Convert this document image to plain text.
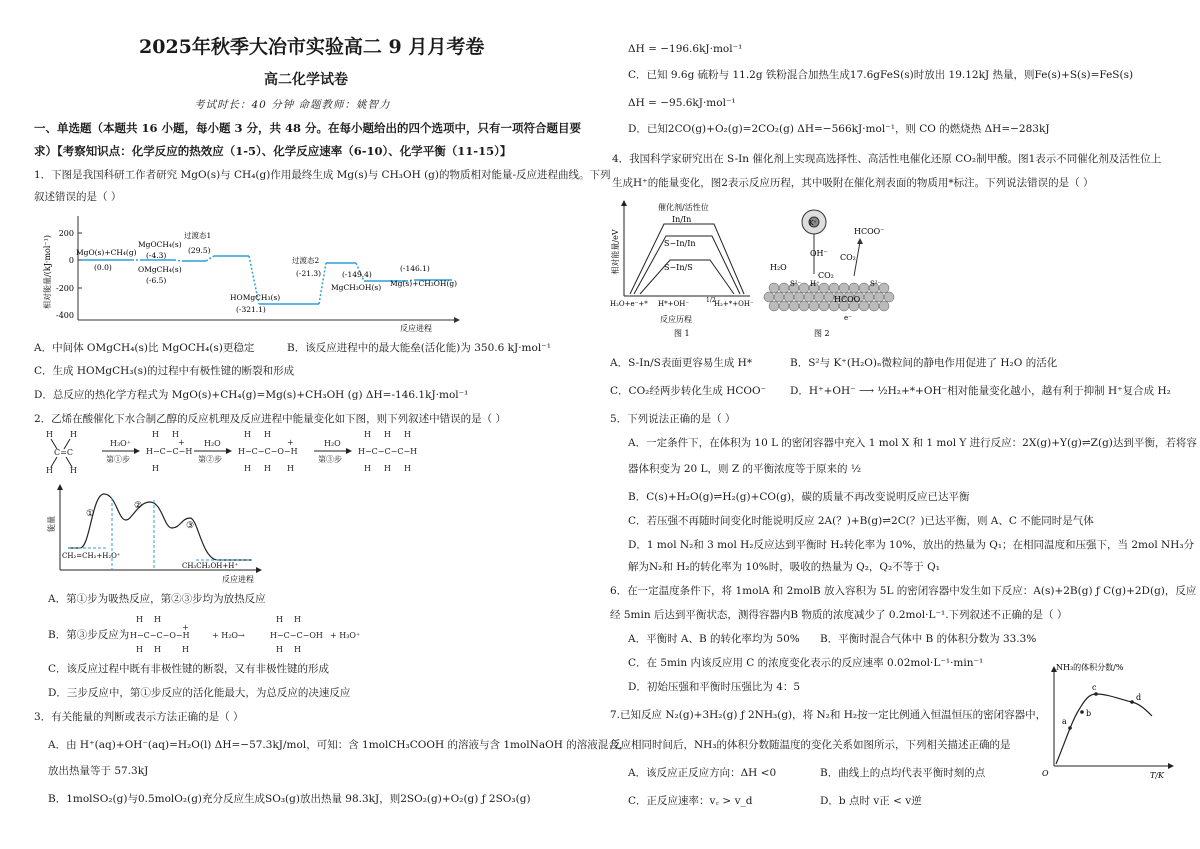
2025年秋季大冶市实验高二 9 月月考卷
高二化学试卷
考试时长：40 分钟 命题教师：姚智力
一、单选题（本题共 16 小题，每小题 3 分，共 48 分。在每小题给出的四个选项中，只有一项符合题目要
求）【考察知识点：化学反应的热效应（1-5）、化学反应速率（6-10）、化学平衡（11-15）】
1．下图是我国科研工作者研究 MgO(s)与 CH₄(g)作用最终生成 Mg(s)与 CH₃OH (g)的物质相对能量-反应进程曲线。下列
叙述错误的是（ ）
相对能量/(kJ·mol⁻¹)
200
0
-200
-400
MgO(s)+CH₄(g)
(0.0)
MgOCH₄(s)
(-4.3)
OMgCH₄(s)
(-6.5)
过渡态1
(29.5)
HOMgCH₃(s)
(-321.1)
过渡态2
(-21.3)	(-149.4)
MgCH₃OH(s)
(-146.1)
Mg(s)+CH₃OH(g)
反应进程
A．中间体 OMgCH₄(s)比 MgOCH₄(s)更稳定	B．该反应进程中的最大能垒(活化能)为 350.6 kJ·mol⁻¹
C．生成 HOMgCH₃(s)的过程中有极性键的断裂和形成
D．总反应的热化学方程式为 MgO(s)+CH₄(g)=Mg(s)+CH₃OH (g) ΔH=-146.1kJ·mol⁻¹
2．乙烯在酸催化下水合制乙醇的反应机理及反应进程中能量变化如下图，则下列叙述中错误的是（ ）
H H
C=C
H H
H₃O⁺
第①步
H−C−C−H
H H
H
+ H₂O
第②步
H−C−C−O−H
H H
H H
+
H
H₂O
第③步
H−C−C−C−H
H H H
H H H
能量
①
②
③
CH₂=CH₂+H₂O⁺
CH₃CH₂OH+H⁺
反应进程
A．第①步为吸热反应，第②③步均为放热反应
B．第③步反应为 H−C−C−O−H
H H
H H
+
H
+ H₂O→	H−C−C−OH
H H
H H
+ H₃O⁺
C．该反应过程中既有非极性键的断裂，又有非极性键的形成
D．三步反应中，第①步反应的活化能最大，为总反应的决速反应
3．有关能量的判断或表示方法正确的是（ ）
A．由 H⁺(aq)+OH⁻(aq)=H₂O(l) ΔH=−57.3kJ/mol，可知：含 1molCH₃COOH 的溶液与含 1molNaOH 的溶液混合，
放出热量等于 57.3kJ
B．1molSO₂(g)与0.5molO₂(g)充分反应生成SO₃(g)放出热量 98.3kJ，则2SO₂(g)+O₂(g) ƒ 2SO₃(g)
ΔH = −196.6kJ·mol⁻¹
C．已知 9.6g 硫粉与 11.2g 铁粉混合加热生成17.6gFeS(s)时放出 19.12kJ 热量，则Fe(s)+S(s)=FeS(s)
ΔH = −95.6kJ·mol⁻¹
D．已知2CO(g)+O₂(g)=2CO₂(g) ΔH=−566kJ·mol⁻¹，则 CO 的燃烧热 ΔH=−283kJ
4．我国科学家研究出在 S-In 催化剂上实现高选择性、高活性电催化还原 CO₂制甲酸。图1表示不同催化剂及活性位上
生成H⁺的能量变化，图2表示反应历程，其中吸附在催化剂表面的物质用*标注。下列说法错误的是（ ）
相对能量/eV
催化剂/活性位
In/In
S−In/In
S−In/S
H₂O+e⁻+* H*+OH⁻	1/2
H₂+*+OH⁻
反应历程
图 1
K⁺
H₂O
OH⁻ CO₂
CO₂
HCOO⁻
HCOO
S²⁻	S²⁻
H⁺
e⁻
图 2
A．S-In/S表面更容易生成 H*	B．S²与 K⁺(H₂O)ₙ微粒间的静电作用促进了 H₂O 的活化
C．CO₂经两步转化生成 HCOO⁻ D．H⁺+OH⁻ ⟶ ½H₂+*+OH⁻相对能量变化越小，越有利于抑制 H⁺复合成 H₂
5．下列说法正确的是（ ）
A．一定条件下，在体积为 10 L 的密闭容器中充入 1 mol X 和 1 mol Y 进行反应：2X(g)+Y(g)⇌Z(g)达到平衡，若将容
器体积变为 20 L，则 Z 的平衡浓度等于原来的 ½
B．C(s)+H₂O(g)⇌H₂(g)+CO(g)，碳的质量不再改变说明反应已达平衡
C．若压强不再随时间变化时能说明反应 2A(？)+B(g)⇌2C(？)已达平衡，则 A、C 不能同时是气体
D．1 mol N₂和 3 mol H₂反应达到平衡时 H₂转化率为 10%，放出的热量为 Q₁；在相同温度和压强下，当 2mol NH₃分
解为N₂和 H₂的转化率为 10%时，吸收的热量为 Q₂，Q₂不等于 Q₁
6．在一定温度条件下，将 1molA 和 2molB 放入容积为 5L 的密闭容器中发生如下反应：A(s)+2B(g) ƒ C(g)+2D(g)，反应
经 5min 后达到平衡状态，测得容器内B 物质的浓度减少了 0.2mol·L⁻¹.下列叙述不正确的是（ ）
A．平衡时 A、B 的转化率均为 50% B．平衡时混合气体中 B 的体积分数为 33.3%
C．在 5min 内该反应用 C 的浓度变化表示的反应速率 0.02mol·L⁻¹·min⁻¹
D．初始压强和平衡时压强比为 4：5
7.已知反应 N₂(g)+3H₂(g) ƒ 2NH₃(g)，将 N₂和 H₂按一定比例通入恒温恒压的密闭容器中，
反应相同时间后，NH₃的体积分数随温度的变化关系如图所示，下列相关描述正确的是
A．该反应正反应方向：ΔH <0	B．曲线上的点均代表平衡时刻的点
C．正反应速率：v꜀ > v_d	D．b 点时 v正 < v逆
NH₃的体积分数/%
O	T/K
a
b
c
d
